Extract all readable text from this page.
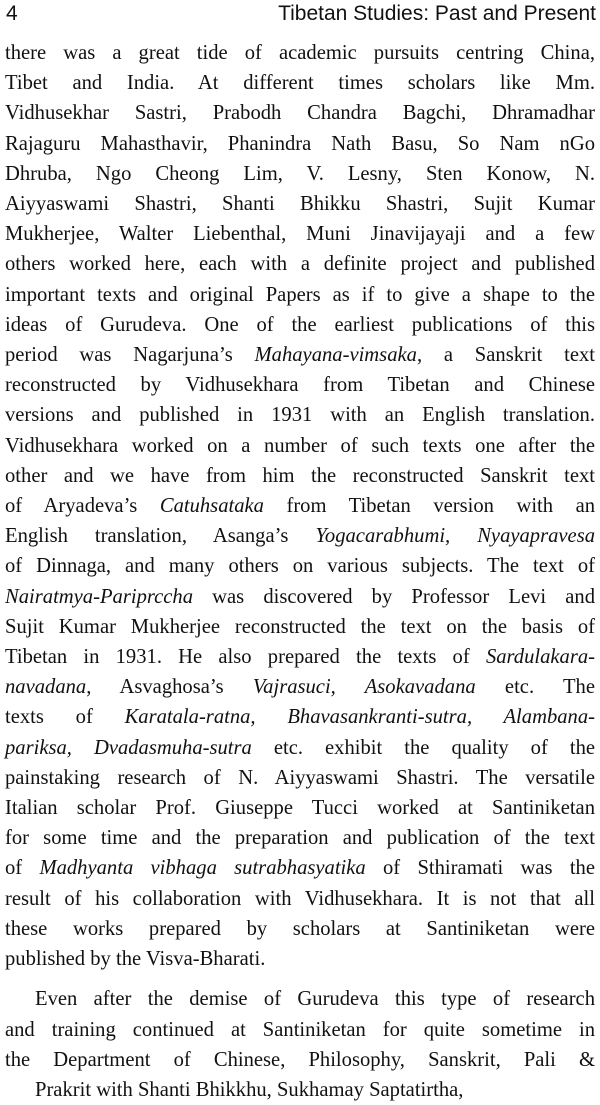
4	Tibetan Studies: Past and Present
there was a great tide of academic pursuits centring China,
Tibet and India. At different times scholars like Mm.
Vidhusekhar Sastri, Prabodh Chandra Bagchi, Dhramadhar
Rajaguru Mahasthavir, Phanindra Nath Basu, So Nam nGo
Dhruba, Ngo Cheong Lim, V. Lesny, Sten Konow, N.
Aiyyaswami Shastri, Shanti Bhikku Shastri, Sujit Kumar
Mukherjee, Walter Liebenthal, Muni Jinavijayaji and a few
others worked here, each with a definite project and published
important texts and original Papers as if to give a shape to the
ideas of Gurudeva. One of the earliest publications of this
period was Nagarjuna’s Mahayana-vimsaka, a Sanskrit text
reconstructed by Vidhusekhara from Tibetan and Chinese
versions and published in 1931 with an English translation.
Vidhusekhara worked on a number of such texts one after the
other and we have from him the reconstructed Sanskrit text
of Aryadeva’s Catuhsataka from Tibetan version with an
English translation, Asanga’s Yogacarabhumi, Nyayapravesa
of Dinnaga, and many others on various subjects. The text of
Nairatmya-Pariprccha was discovered by Professor Levi and
Sujit Kumar Mukherjee reconstructed the text on the basis of
Tibetan in 1931. He also prepared the texts of Sardulakara-
navadana, Asvaghosa’s Vajrasuci, Asokavadana etc. The
texts of Karatala-ratna, Bhavasankranti-sutra, Alambana-
pariksa, Dvadasmuha-sutra etc. exhibit the quality of the
painstaking research of N. Aiyyaswami Shastri. The versatile
Italian scholar Prof. Giuseppe Tucci worked at Santiniketan
for some time and the preparation and publication of the text
of Madhyanta vibhaga sutrabhasyatika of Sthiramati was the
result of his collaboration with Vidhusekhara. It is not that all
these works prepared by scholars at Santiniketan were
published by the Visva-Bharati.
Even after the demise of Gurudeva this type of research
and training continued at Santiniketan for quite sometime in
the Department of Chinese, Philosophy, Sanskrit, Pali &
Prakrit with Shanti Bhikkhu, Sukhamay Saptatirtha,
